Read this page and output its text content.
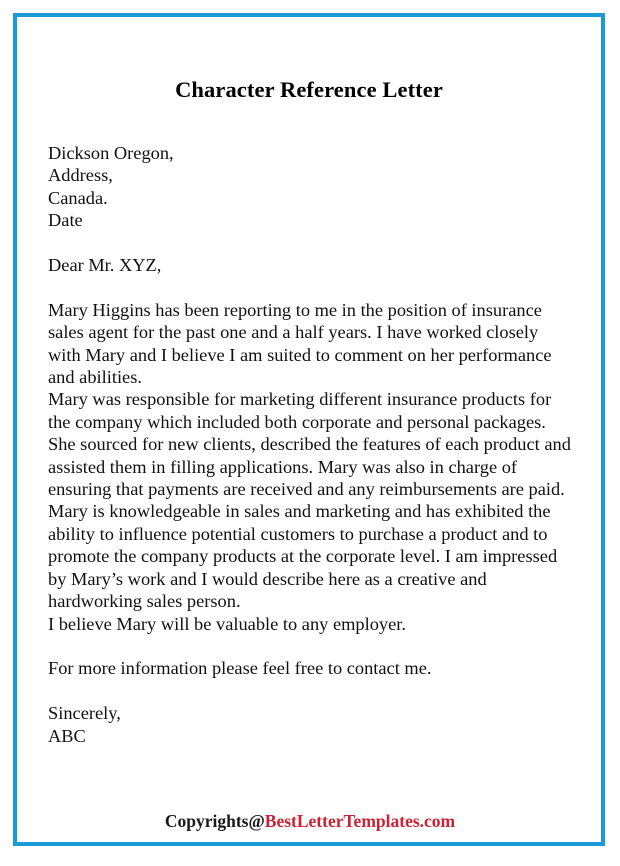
Character Reference Letter

Dickson Oregon,

Address,

Canada.

Date

Dear Mr. XYZ,

Mary Higgins has been reporting to me in the position of insurance sales agent for the past one and a half years. I have worked closely with Mary and I believe I am suited to comment on her performance and abilities.

Mary was responsible for marketing different insurance products for the company which included both corporate and personal packages. She sourced for new clients, described the features of each product and assisted them in filling applications. Mary was also in charge of ensuring that payments are received and any reimbursements are paid.

Mary is knowledgeable in sales and marketing and has exhibited the ability to influence potential customers to purchase a product and to promote the company products at the corporate level. I am impressed by Mary’s work and I would describe here as a creative and hardworking sales person.

I believe Mary will be valuable to any employer.

For more information please feel free to contact me.

Sincerely,

ABC

Copyrights@BestLetterTemplates.com
